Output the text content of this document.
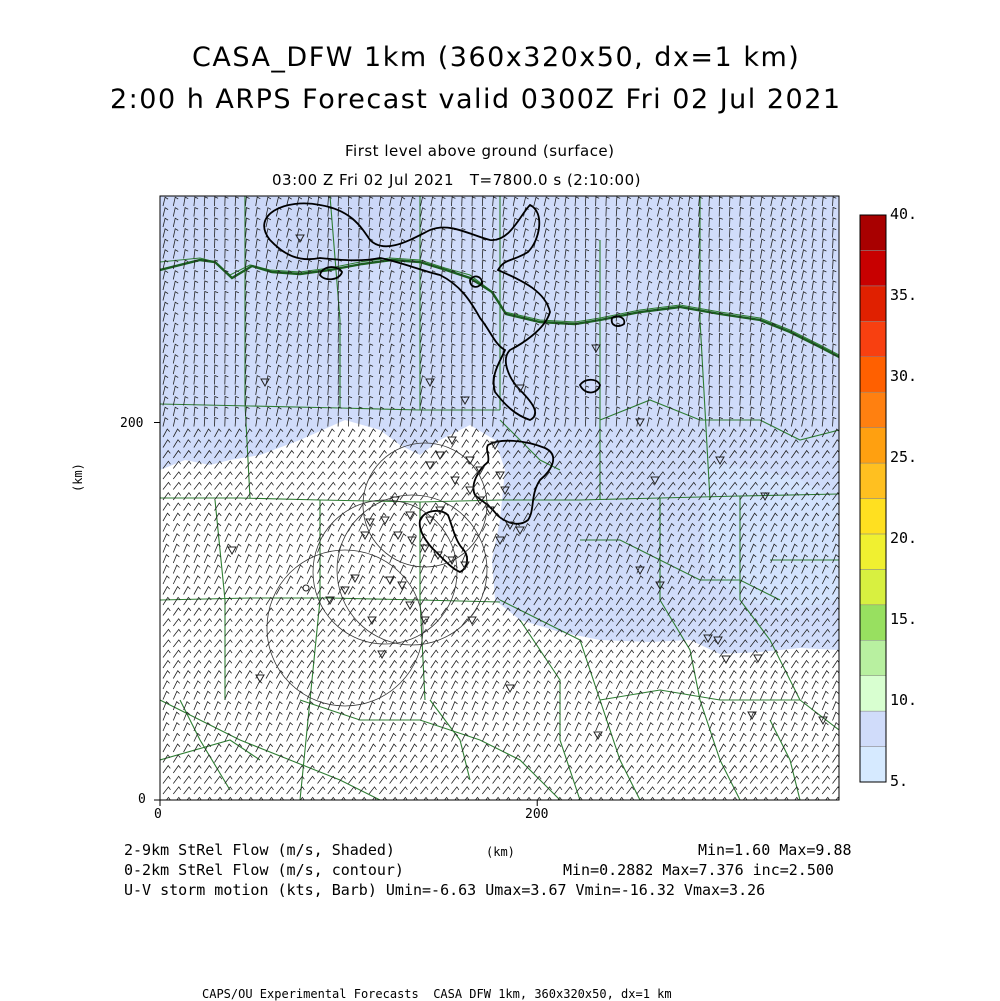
CASA_DFW 1km (360x320x50, dx=1 km)
2:00 h ARPS Forecast valid 0300Z Fri 02 Jul 2021
First level above ground (surface)
03:00 Z Fri 02 Jul 2021   T=7800.0 s (2:10:00)
0	200
0
200
(km)
(km)
5.
10.
15.
20.
25.
30.
35.
40.
2-9km StRel Flow (m/s, Shaded)	Min=1.60 Max=9.88
0-2km StRel Flow (m/s, contour)	Min=0.2882 Max=7.376 inc=2.500
U-V storm motion (kts, Barb) Umin=-6.63 Umax=3.67 Vmin=-16.32 Vmax=3.26
CAPS/OU Experimental Forecasts  CASA DFW 1km, 360x320x50, dx=1 km
